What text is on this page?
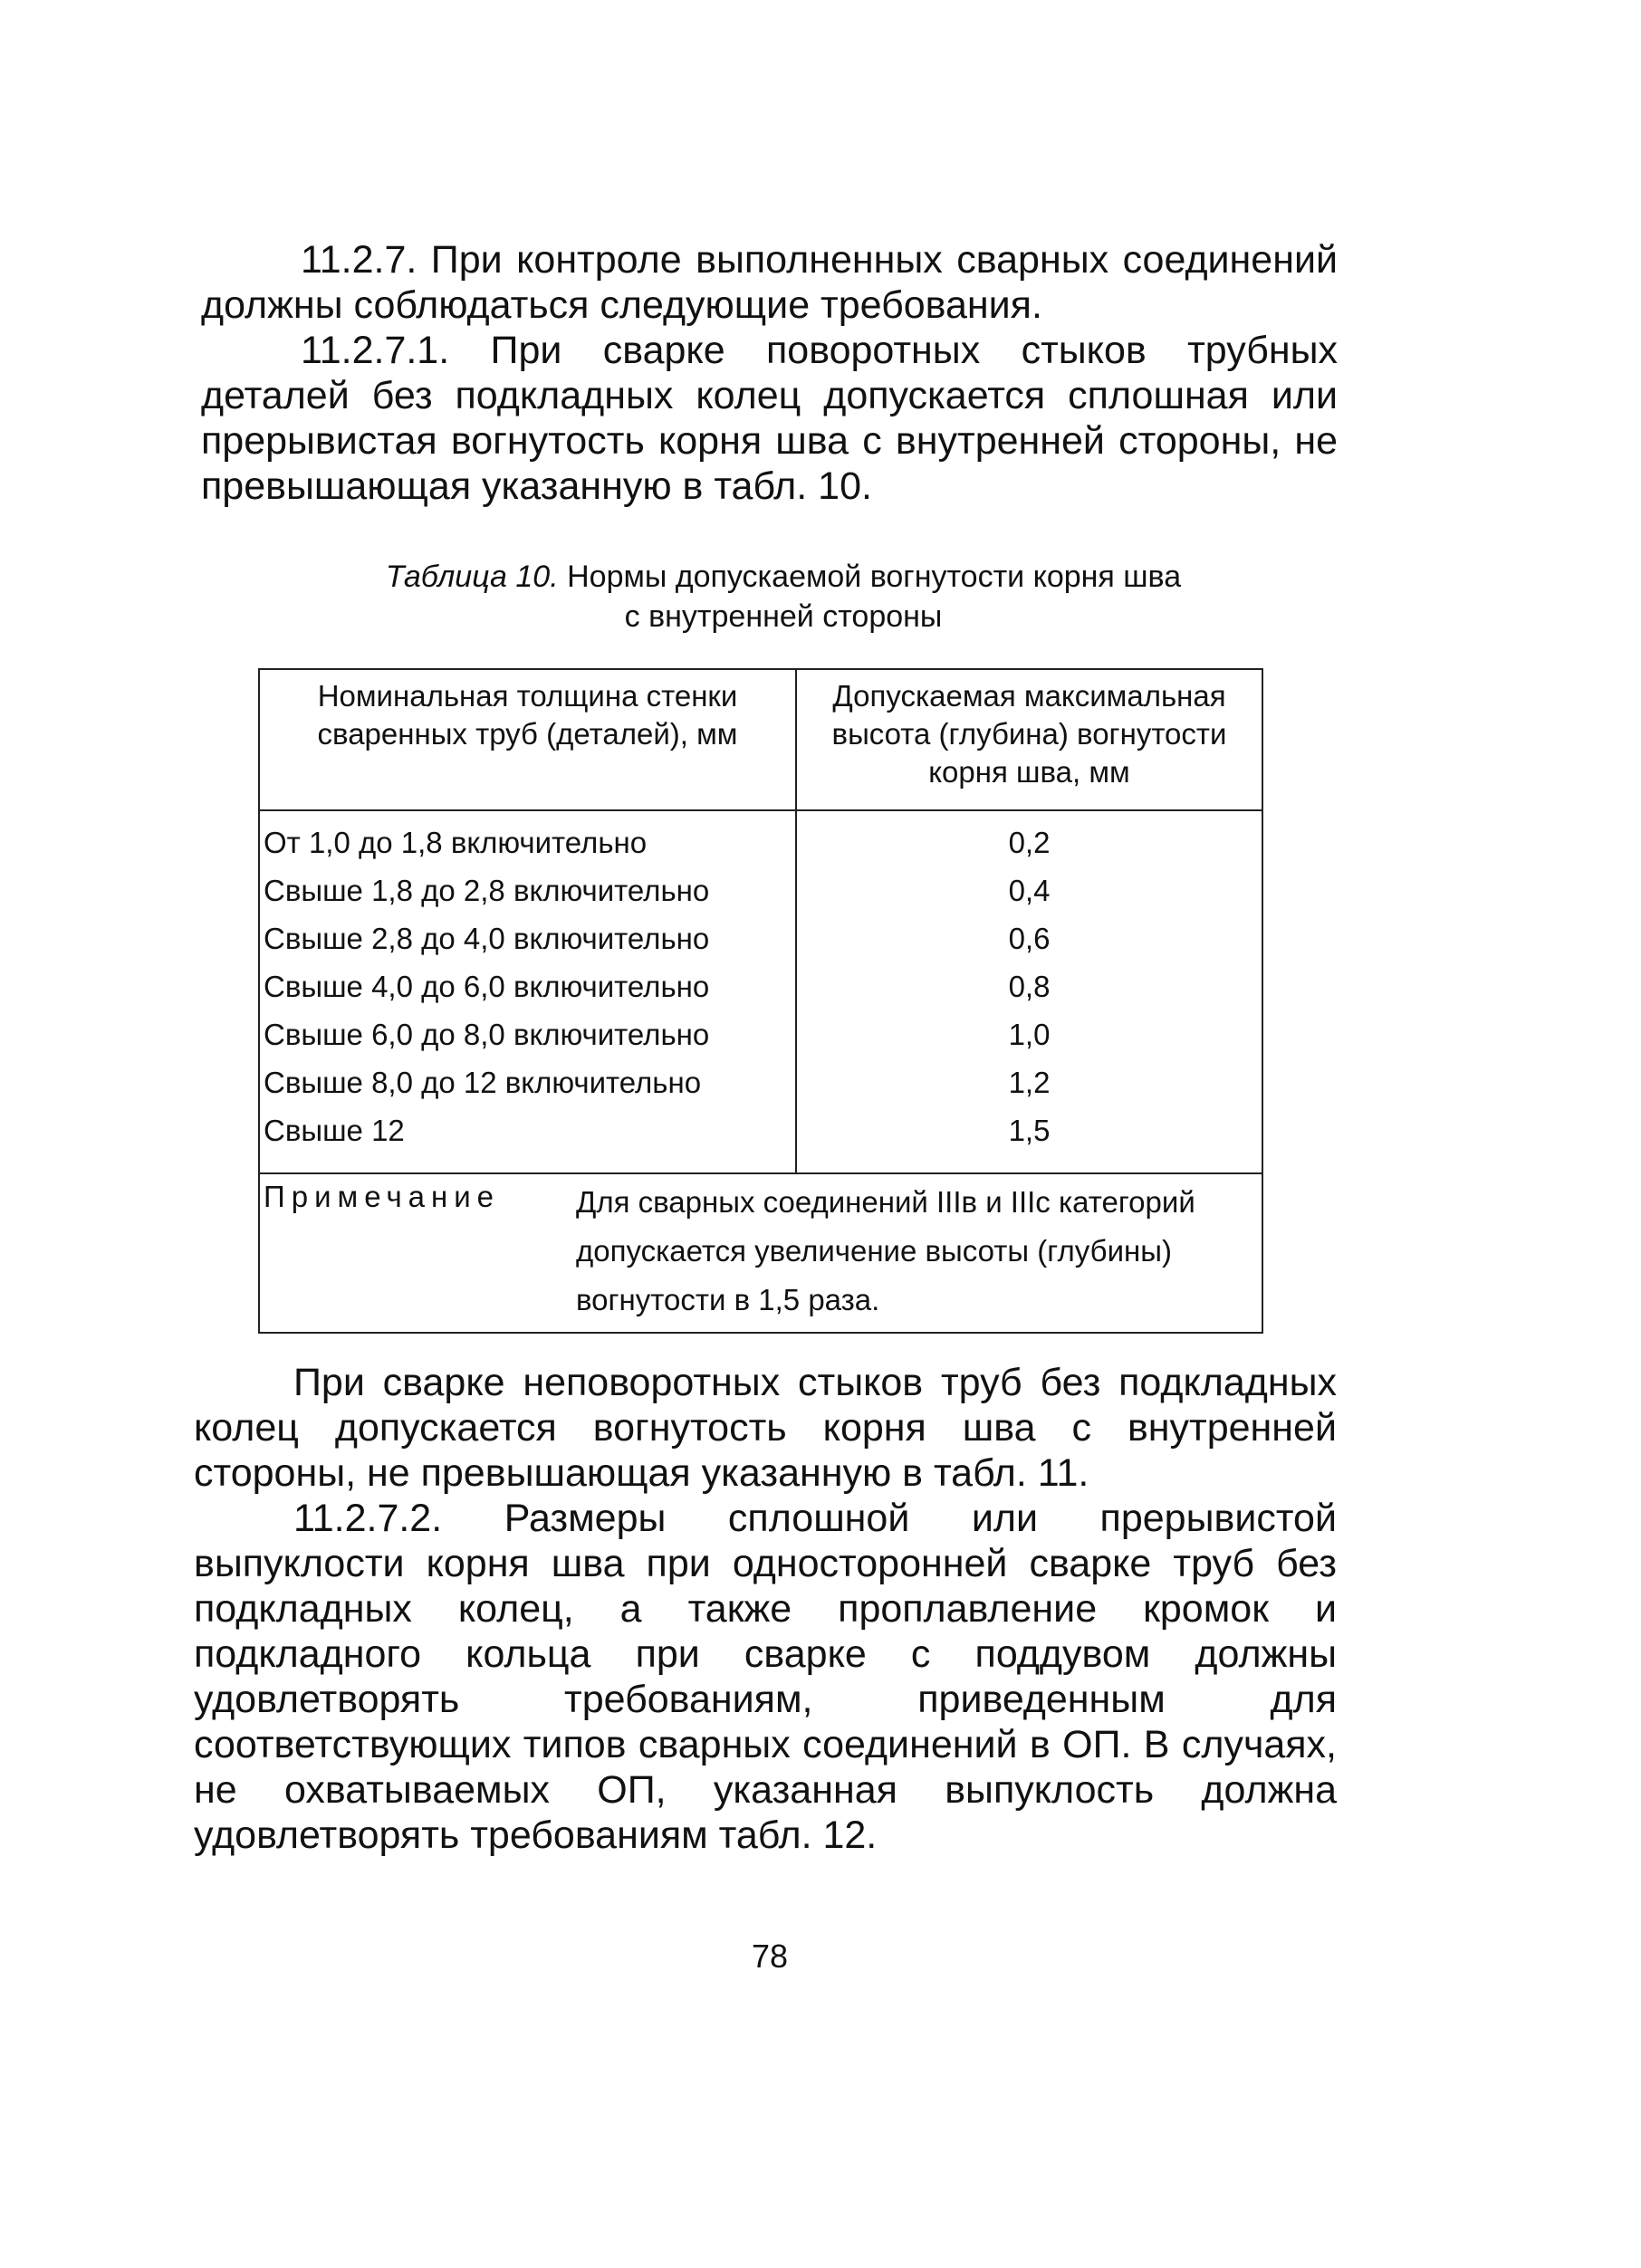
11.2.7. При контроле выполненных сварных соединений должны соблюдаться следующие требования.

11.2.7.1. При сварке поворотных стыков трубных деталей без подкладных колец допускается сплошная или прерывистая вогнутость корня шва с внутренней стороны, не превышающая указанную в табл. 10.

Таблица 10. Нормы допускаемой вогнутости корня шва
с внутренней стороны
Номинальная толщина стенки сваренных труб (деталей), мм	Допускаемая максимальная высота (глубина) вогнутости корня шва, мм
От 1,0 до 1,8 включительно	0,2
Свыше 1,8 до 2,8 включительно	0,4
Свыше 2,8 до 4,0 включительно	0,6
Свыше 4,0 до 6,0 включительно	0,8
Свыше 6,0 до 8,0 включительно	1,0
Свыше 8,0 до 12 включительно	1,2
Свыше 12	1,5

Примечание Для сварных соединений IIIв и IIIс категорий допускается увеличение высоты (глубины) вогнутости в 1,5 раза.	

При сварке неповоротных стыков труб без подкладных колец допускается вогнутость корня шва с внутренней стороны, не превышающая указанную в табл. 11.

11.2.7.2. Размеры сплошной или прерывистой выпуклости корня шва при односторонней сварке труб без подкладных колец, а также проплавление кромок и подкладного кольца при сварке с поддувом должны удовлетворять требованиям, приведенным для соответствующих типов сварных соединений в ОП. В случаях, не охватываемых ОП, указанная выпуклость должна удовлетворять требованиям табл. 12.

78
